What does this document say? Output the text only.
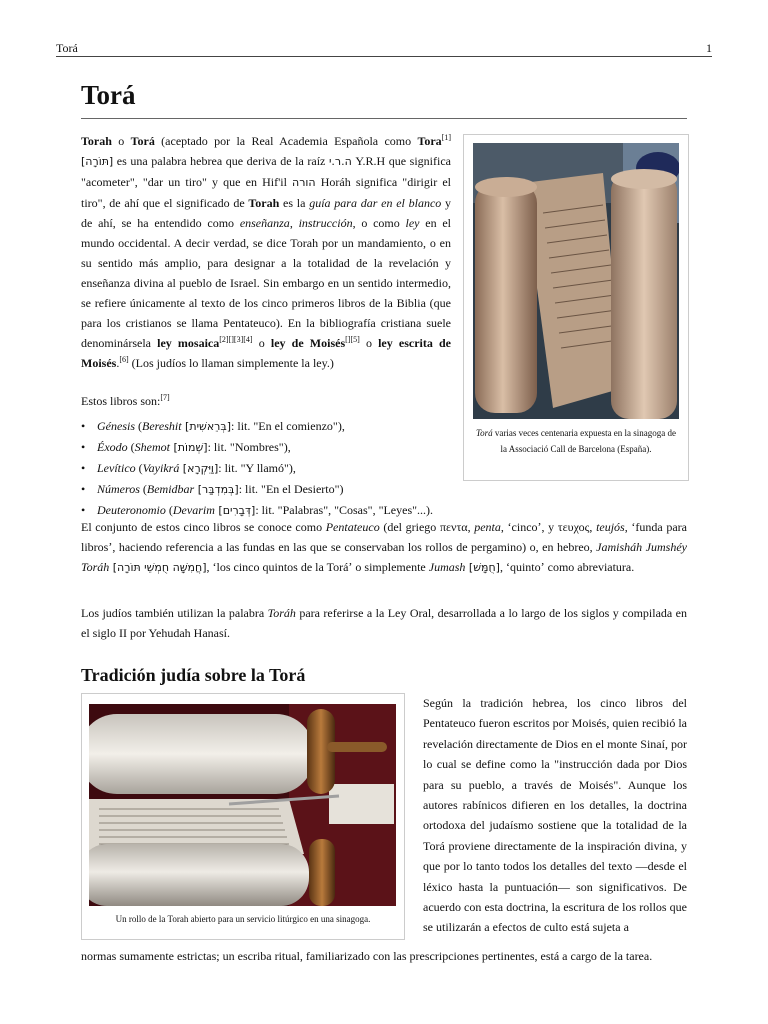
Torá	1
Torá

Torah o Torá (aceptado por la Real Academia Española como Tora[1] [תּוֹרָה] es una palabra hebrea que deriva de la raíz ה.ר.י Y.R.H que significa "acometer", "dar un tiro" y que en Hif'il הורה Horáh significa "dirigir el tiro", de ahí que el significado de Torah es la guía para dar en el blanco y de ahí, se ha entendido como enseñanza, instrucción, o como ley en el mundo occidental. A decir verdad, se dice Torah por un mandamiento, o en su sentido más amplio, para designar a la totalidad de la revelación y enseñanza divina al pueblo de Israel. Sin embargo en un sentido intermedio, se refiere únicamente al texto de los cinco primeros libros de la Biblia (que para los cristianos se llama Pentateuco). En la bibliografía cristiana suele denominársela ley mosaica[2][][3][4] o ley de Moisés[][5] o ley escrita de Moisés.[6] (Los judíos lo llaman simplemente la ley.)

Torá varias veces centenaria expuesta en la sinagoga de la Associació Call de Barcelona (España).

Estos libros son:[7]

• Génesis (Bereshit [בְּרֵאשִׁית]: lit. "En el comienzo"),
• Éxodo (Shemot [שְׁמוֹת]: lit. "Nombres"),
• Levítico (Vayikrá [וַיִּקְרָא]: lit. "Y llamó"),
• Números (Bemidbar [בְּמִדְבַּר]: lit. "En el Desierto")
• Deuteronomio (Devarim [דְּבָרִים]: lit. "Palabras", "Cosas", "Leyes"...).

El conjunto de estos cinco libros se conoce como Pentateuco (del griego πεντα, penta, ʻcincoʼ, y τευχος, teujós, ʻfunda para librosʼ, haciendo referencia a las fundas en las que se conservaban los rollos de pergamino) o, en hebreo, Jamisháh Jumshéy Toráh [חֲמִשָּׁה חֻמְשֵׁי תּוֹרָה], ʻlos cinco quintos de la Toráʼ o simplemente Jumash [חֻמָּשׁ], ʻquintoʼ como abreviatura.

Los judíos también utilizan la palabra Toráh para referirse a la Ley Oral, desarrollada a lo largo de los siglos y compilada en el siglo II por Yehudah Hanasí.

Tradición judía sobre la Torá
Un rollo de la Torah abierto para un servicio litúrgico en una sinagoga.

Según la tradición hebrea, los cinco libros del Pentateuco fueron escritos por Moisés, quien recibió la revelación directamente de Dios en el monte Sinaí, por lo cual se define como la "instrucción dada por Dios para su pueblo, a través de Moisés". Aunque los autores rabínicos difieren en los detalles, la doctrina ortodoxa del judaísmo sostiene que la totalidad de la Torá proviene directamente de la inspiración divina, y que por lo tanto todos los detalles del texto —desde el léxico hasta la puntuación— son significativos. De acuerdo con esta doctrina, la escritura de los rollos que se utilizarán a efectos de culto está sujeta a

normas sumamente estrictas; un escriba ritual, familiarizado con las prescripciones pertinentes, está a cargo de la tarea.
